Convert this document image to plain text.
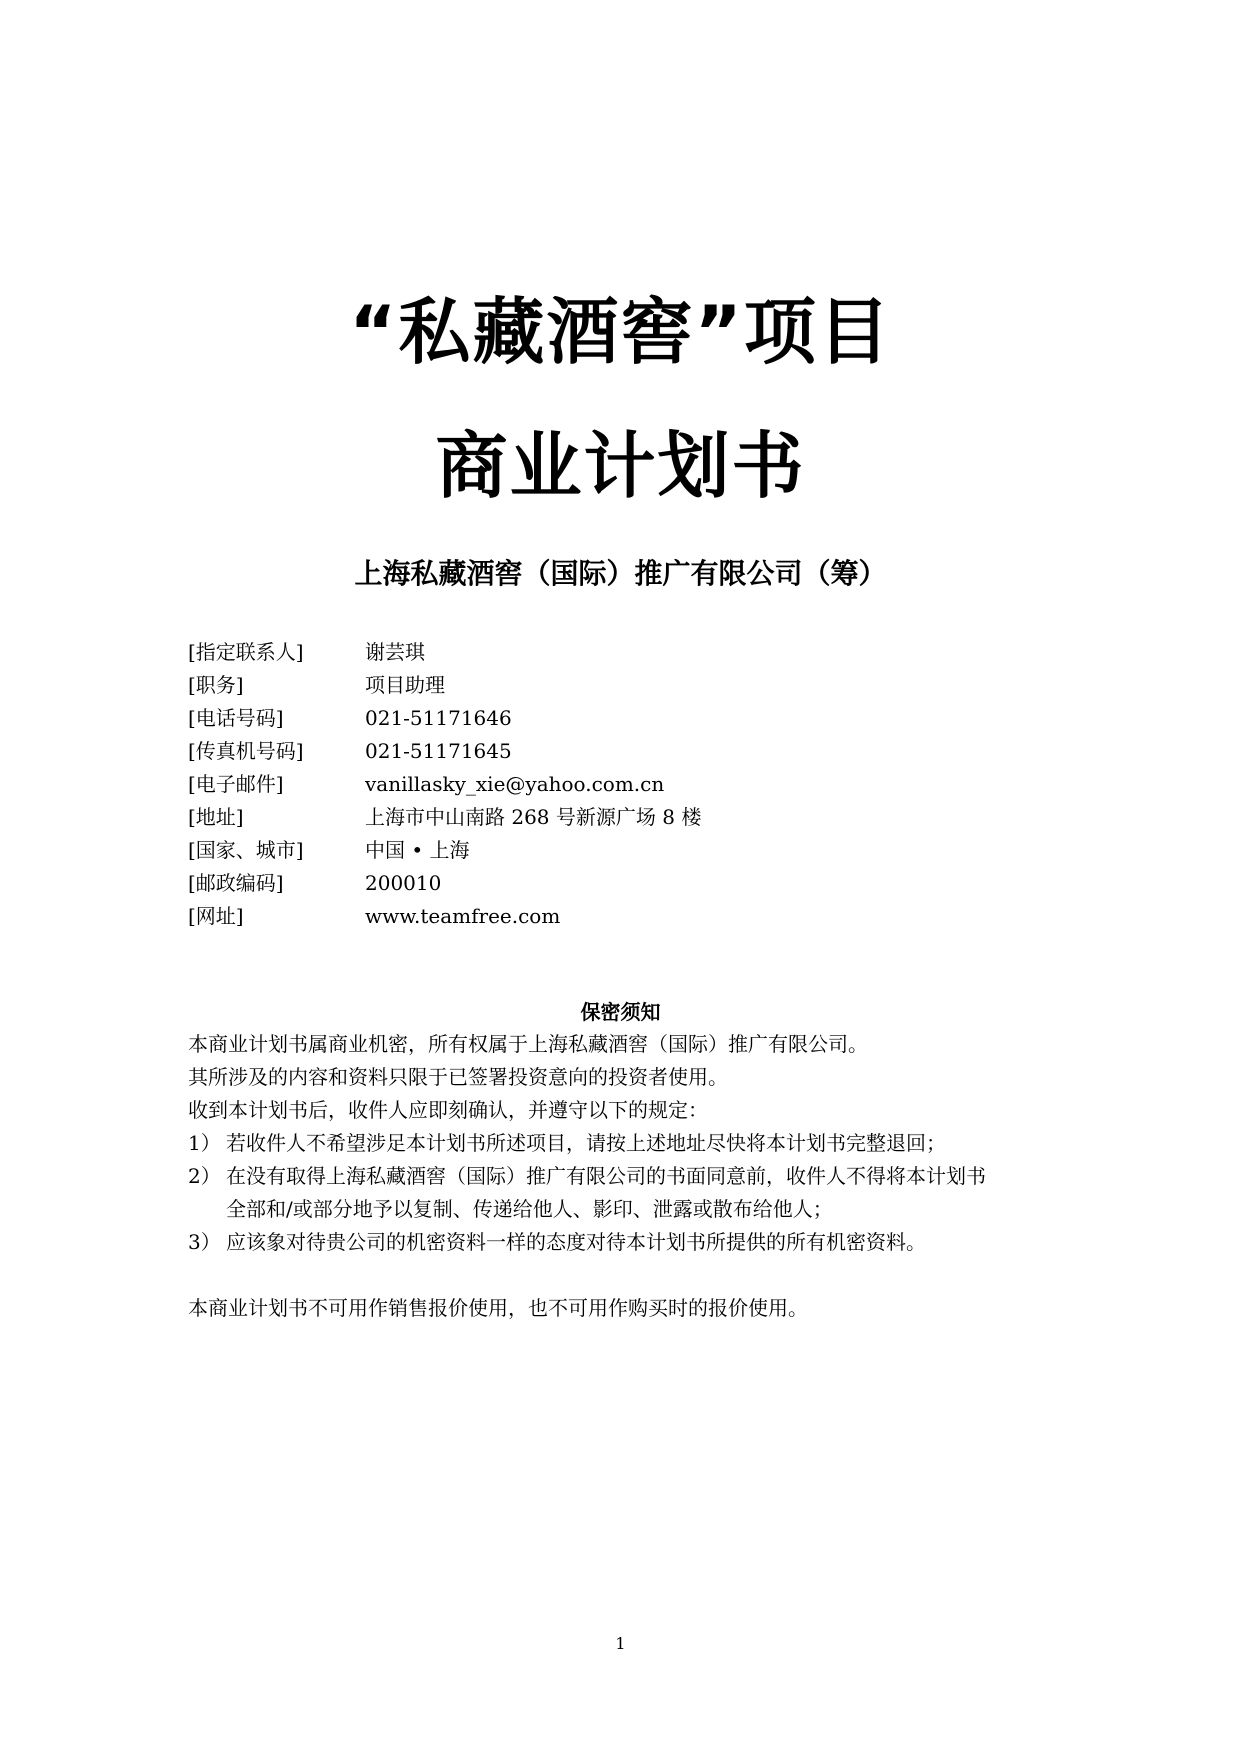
“私藏酒窖”项目
商业计划书
上海私藏酒窖（国际）推广有限公司（筹）
[指定联系人]	谢芸琪
[职务]	项目助理
[电话号码]	021-51171646
[传真机号码]	021-51171645
[电子邮件]	vanillasky_xie@yahoo.com.cn
[地址]	上海市中山南路 268 号新源广场 8 楼
[国家、城市]	中国 • 上海
[邮政编码]	200010
[网址]	www.teamfree.com
保密须知
本商业计划书属商业机密，所有权属于上海私藏酒窖（国际）推广有限公司。
其所涉及的内容和资料只限于已签署投资意向的投资者使用。
收到本计划书后，收件人应即刻确认，并遵守以下的规定：
1） 若收件人不希望涉足本计划书所述项目，请按上述地址尽快将本计划书完整退回；
2） 在没有取得上海私藏酒窖（国际）推广有限公司的书面同意前，收件人不得将本计划书
全部和/或部分地予以复制、传递给他人、影印、泄露或散布给他人；
3） 应该象对待贵公司的机密资料一样的态度对待本计划书所提供的所有机密资料。
本商业计划书不可用作销售报价使用，也不可用作购买时的报价使用。
1
